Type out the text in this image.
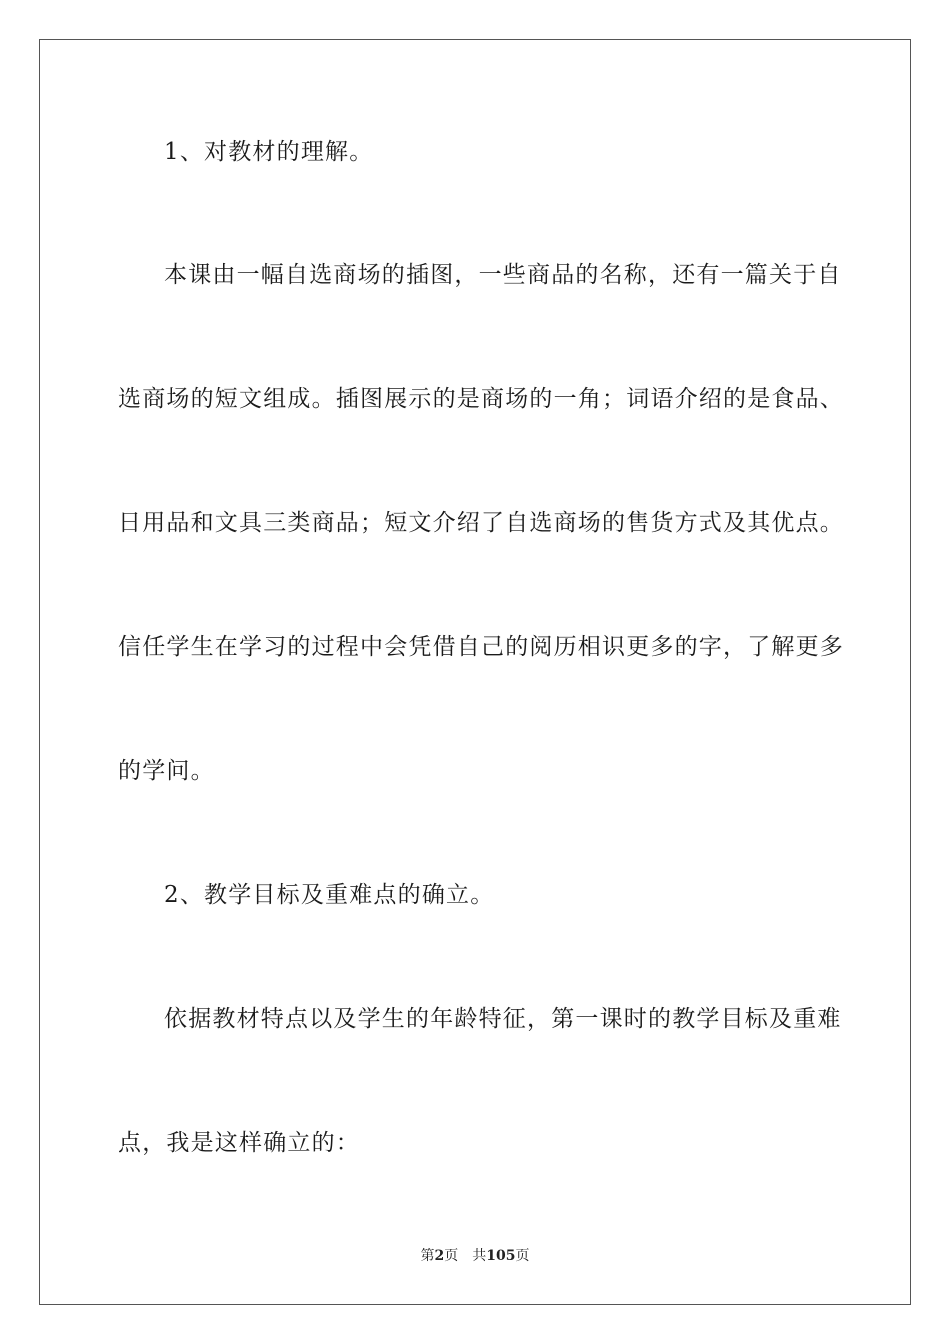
1、对教材的理解。
本课由一幅自选商场的插图，一些商品的名称，还有一篇关于自
选商场的短文组成。插图展示的是商场的一角；词语介绍的是食品、
日用品和文具三类商品；短文介绍了自选商场的售货方式及其优点。
信任学生在学习的过程中会凭借自己的阅历相识更多的字，了解更多
的学问。
2、教学目标及重难点的确立。
依据教材特点以及学生的年龄特征，第一课时的教学目标及重难
点，我是这样确立的：
第2页 共105页
